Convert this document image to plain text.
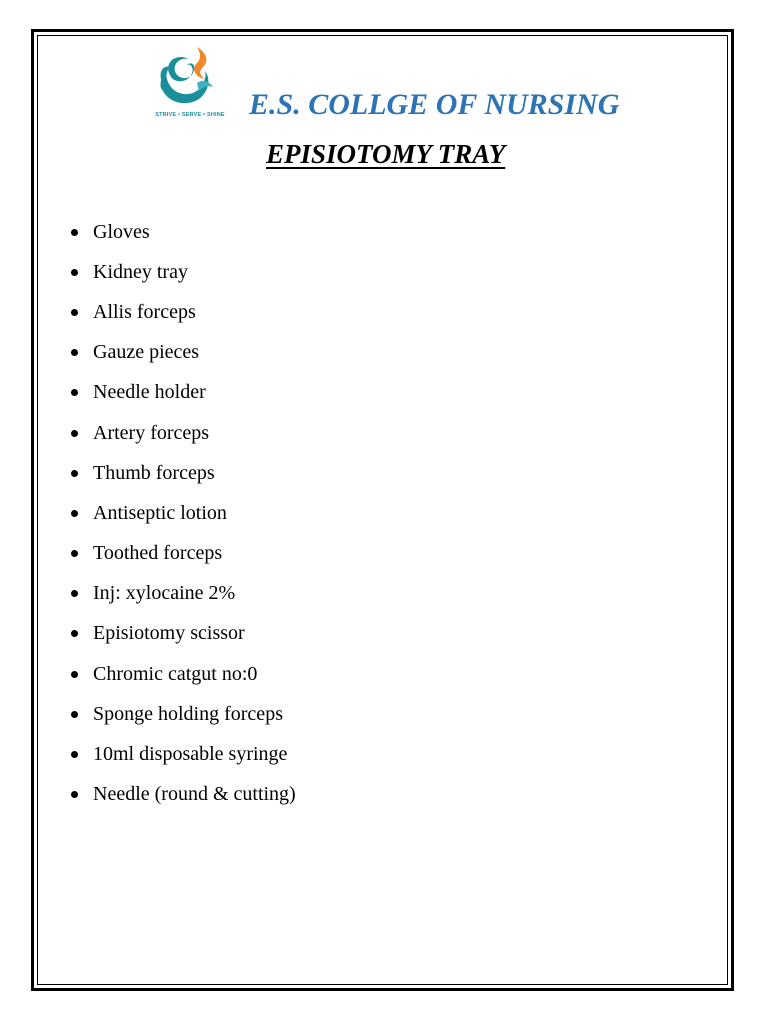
STRIVE • SERVE • SHINE E.S. COLLGE OF NURSING
EPISIOTOMY TRAY
Gloves
Kidney tray
Allis forceps
Gauze pieces
Needle holder
Artery forceps
Thumb forceps
Antiseptic lotion
Toothed forceps
Inj: xylocaine 2%
Episiotomy scissor
Chromic catgut no:0
Sponge holding forceps
10ml disposable syringe
Needle (round & cutting)
